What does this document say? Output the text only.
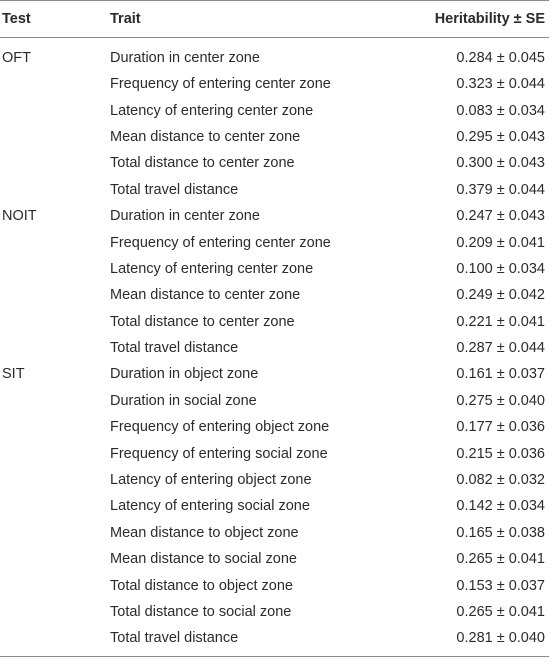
Test	Trait	Heritability ± SE
OFT	Duration in center zone	0.284 ± 0.045
	Frequency of entering center zone	0.323 ± 0.044
	Latency of entering center zone	0.083 ± 0.034
	Mean distance to center zone	0.295 ± 0.043
	Total distance to center zone	0.300 ± 0.043
	Total travel distance	0.379 ± 0.044
NOIT	Duration in center zone	0.247 ± 0.043
	Frequency of entering center zone	0.209 ± 0.041
	Latency of entering center zone	0.100 ± 0.034
	Mean distance to center zone	0.249 ± 0.042
	Total distance to center zone	0.221 ± 0.041
	Total travel distance	0.287 ± 0.044
SIT	Duration in object zone	0.161 ± 0.037
	Duration in social zone	0.275 ± 0.040
	Frequency of entering object zone	0.177 ± 0.036
	Frequency of entering social zone	0.215 ± 0.036
	Latency of entering object zone	0.082 ± 0.032
	Latency of entering social zone	0.142 ± 0.034
	Mean distance to object zone	0.165 ± 0.038
	Mean distance to social zone	0.265 ± 0.041
	Total distance to object zone	0.153 ± 0.037
	Total distance to social zone	0.265 ± 0.041
	Total travel distance	0.281 ± 0.040
